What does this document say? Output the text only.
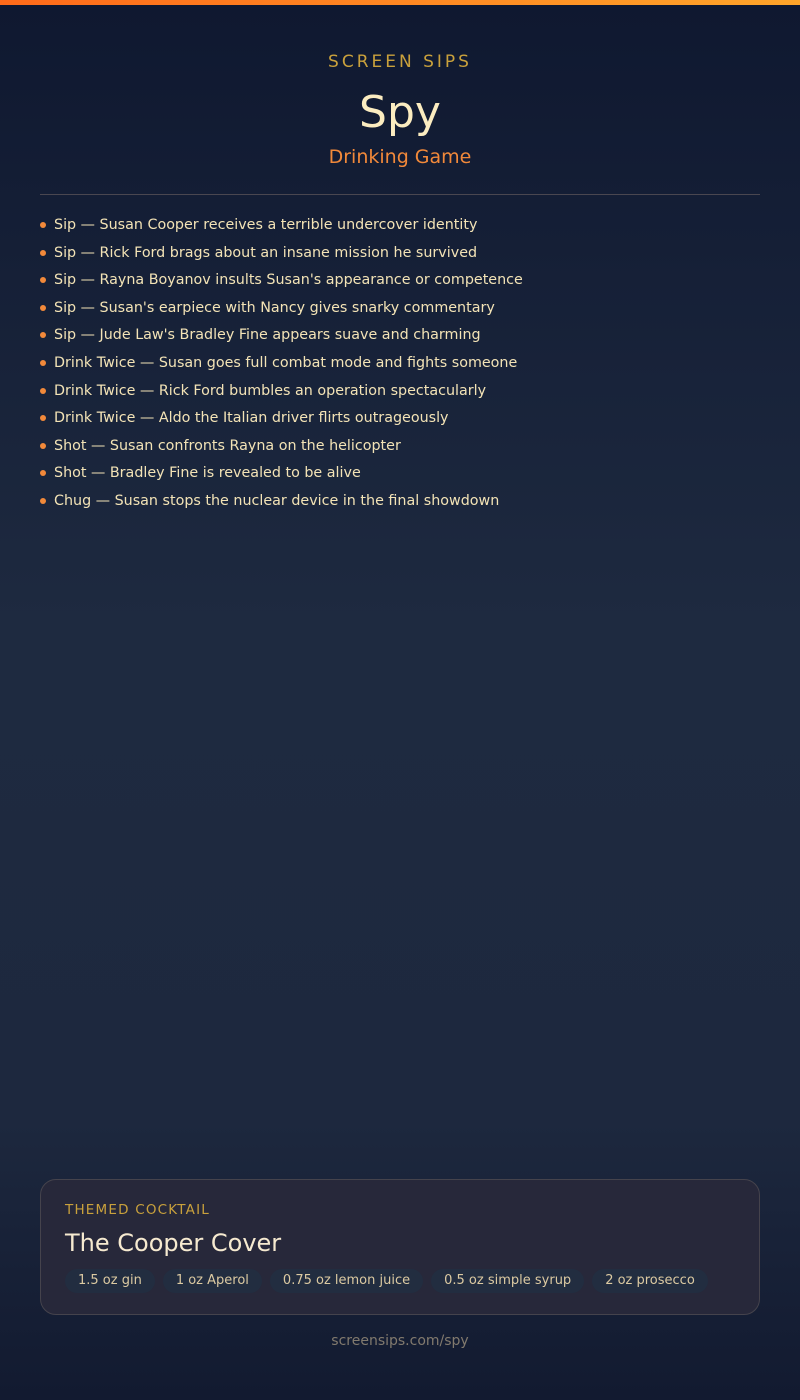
SCREEN SIPS
Spy
Drinking Game
Sip — Susan Cooper receives a terrible undercover identity
Sip — Rick Ford brags about an insane mission he survived
Sip — Rayna Boyanov insults Susan's appearance or competence
Sip — Susan's earpiece with Nancy gives snarky commentary
Sip — Jude Law's Bradley Fine appears suave and charming
Drink Twice — Susan goes full combat mode and fights someone
Drink Twice — Rick Ford bumbles an operation spectacularly
Drink Twice — Aldo the Italian driver flirts outrageously
Shot — Susan confronts Rayna on the helicopter
Shot — Bradley Fine is revealed to be alive
Chug — Susan stops the nuclear device in the final showdown
THEMED COCKTAIL
The Cooper Cover
1.5 oz gin	1 oz Aperol	0.75 oz lemon juice	0.5 oz simple syrup	2 oz prosecco
screensips.com/spy
